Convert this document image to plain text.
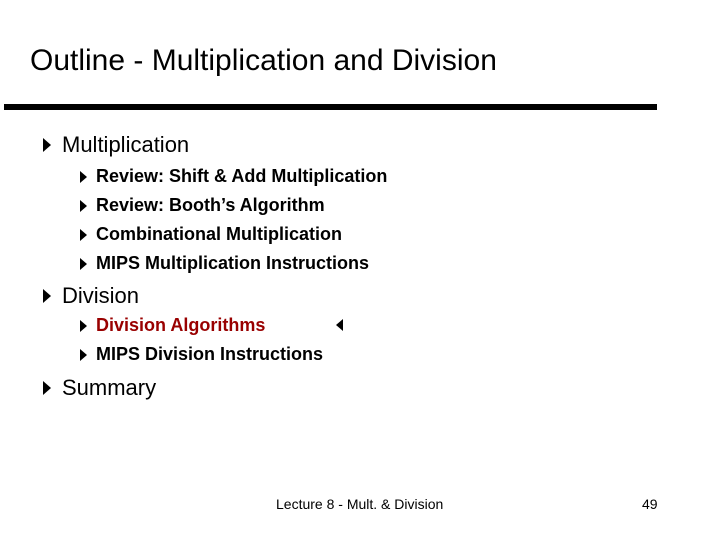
Outline - Multiplication and Division
Multiplication
Review: Shift & Add Multiplication
Review: Booth’s Algorithm
Combinational Multiplication
MIPS Multiplication Instructions
Division
Division Algorithms
MIPS Division Instructions
Summary
Lecture 8 - Mult. & Division	49
